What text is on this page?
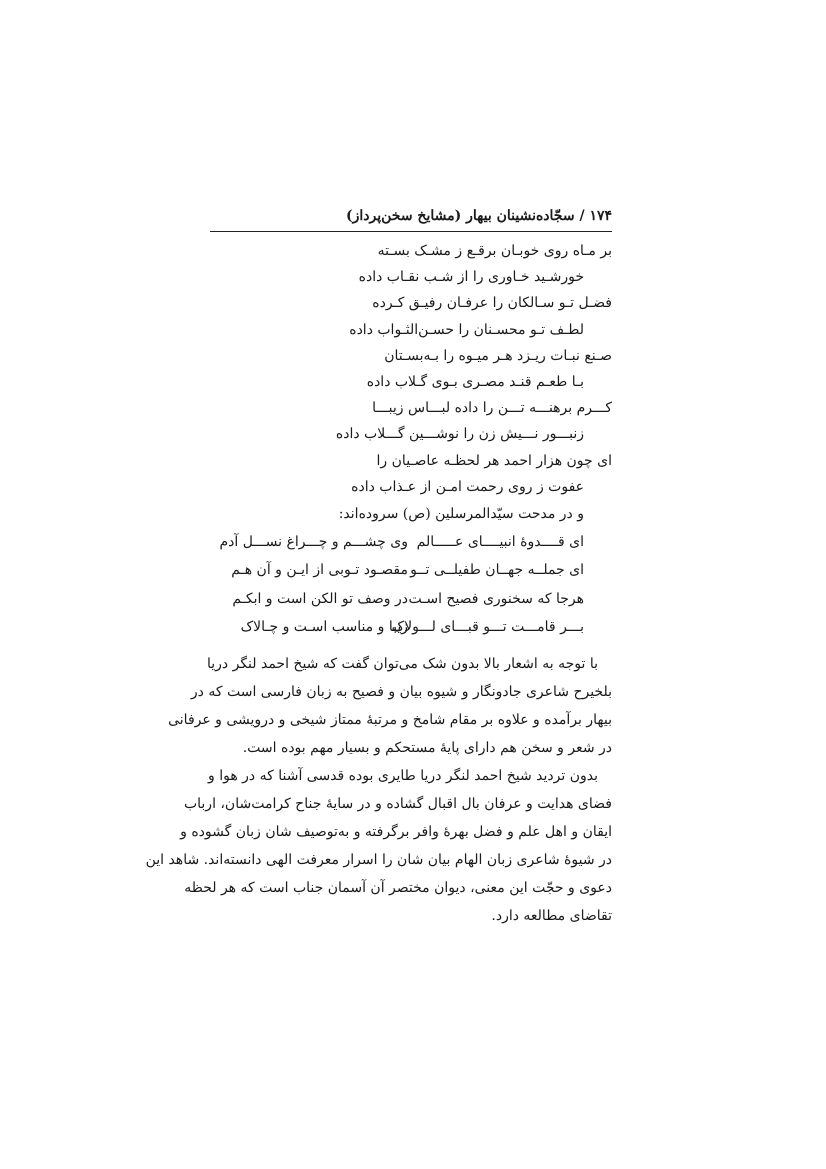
۱۷۴ / سجّاده‌نشینان بیهار (مشایخ سخن‌پرداز)
بر مـاه روی خوبـان برقـع ز مشـک بسـته
خورشـید خـاوری را از شـب نقـاب داده
فضـل تـو سـالکان را عرفـان رفیـق کـرده
لطـف تـو محسـنان را حسـن‌الثـواب داده
صـنع نبـات ریـزد هـر میـوه را بـه‌بسـتان
بـا طعـم قنـد مصـری بـوی گـلاب داده
کـــرم برهنـــه تـــن را داده لبـــاس زیبـــا
زنبـــور نـــیش زن را نوشـــین گـــلاب داده
ای چون هزار احمد هر لحظـه عاصـیان را
عفوت ز روی رحمت امـن از عـذاب داده
و در مدحت سیّدالمرسلین (ص) سروده‌اند:
ای قــــدوهٔ انبیــــای عـــــالم
وی چشـــم و چـــراغ نســـل آدم
ای جملــه جهــان طفیلــی تــو
مقصـود تـوبی از ایـن و آن هـم
هرجا که سخنوری فصیح اسـت
در وصف تو الکن است و ابکـم
بـــر قامـــت تـــو قبـــای لـــولاک
زیبا و مناسب اسـت و چـالاک
با توجه به اشعار بالا بدون شک می‌توان گفت که شیخ احمد لنگر دریا
بلخیرح شاعری جادونگار و شیوه بیان و فصیح به زبان فارسی است که در
بیهار برآمده و علاوه بر مقام شامخ و مرتبهٔ ممتاز شیخی و درویشی و عرفانی
در شعر و سخن هم دارای پایهٔ مستحکم و بسیار مهم بوده است.
بدون تردید شیخ احمد لنگر دریا طایری بوده قدسی آشنا که در هوا و
فضای هدایت و عرفان بال اقبال گشاده و در سایهٔ جناح کرامت‌شان، ارباب
ایقان و اهل علم و فضل بهرهٔ وافر برگرفته و به‌توصیف شان زبان گشوده و
در شیوهٔ شاعری زبان الهام بیان شان را اسرار معرفت الهی دانسته‌اند. شاهد این
دعوی و حجّت این معنی، دیوان مختصر آن آسمان جناب است که هر لحظه
تقاضای مطالعه دارد.
